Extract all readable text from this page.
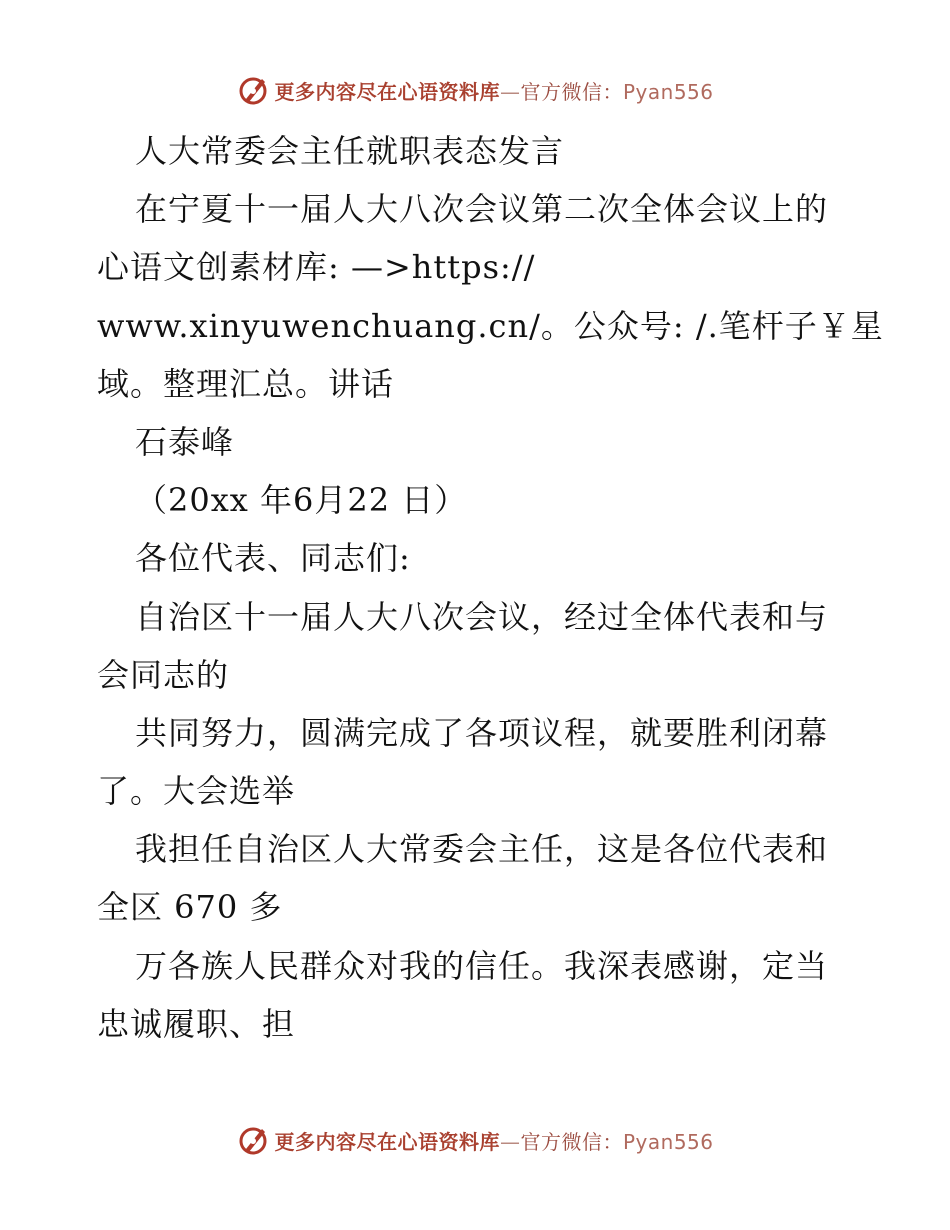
更多内容尽在心语资料库—官方微信：Pyan556
人大常委会主任就职表态发言
在宁夏十一届人大八次会议第二次全体会议上的
心语文创素材库: —>https://
www.xinyuwenchuang.cn/。公众号: /.笔杆子￥星
域。整理汇总。讲话
石泰峰
（20xx 年6月22 日）
各位代表、同志们:
自治区十一届人大八次会议，经过全体代表和与
会同志的
共同努力，圆满完成了各项议程，就要胜利闭幕
了。大会选举
我担任自治区人大常委会主任，这是各位代表和
全区 670 多
万各族人民群众对我的信任。我深表感谢，定当
忠诚履职、担
更多内容尽在心语资料库—官方微信：Pyan556
